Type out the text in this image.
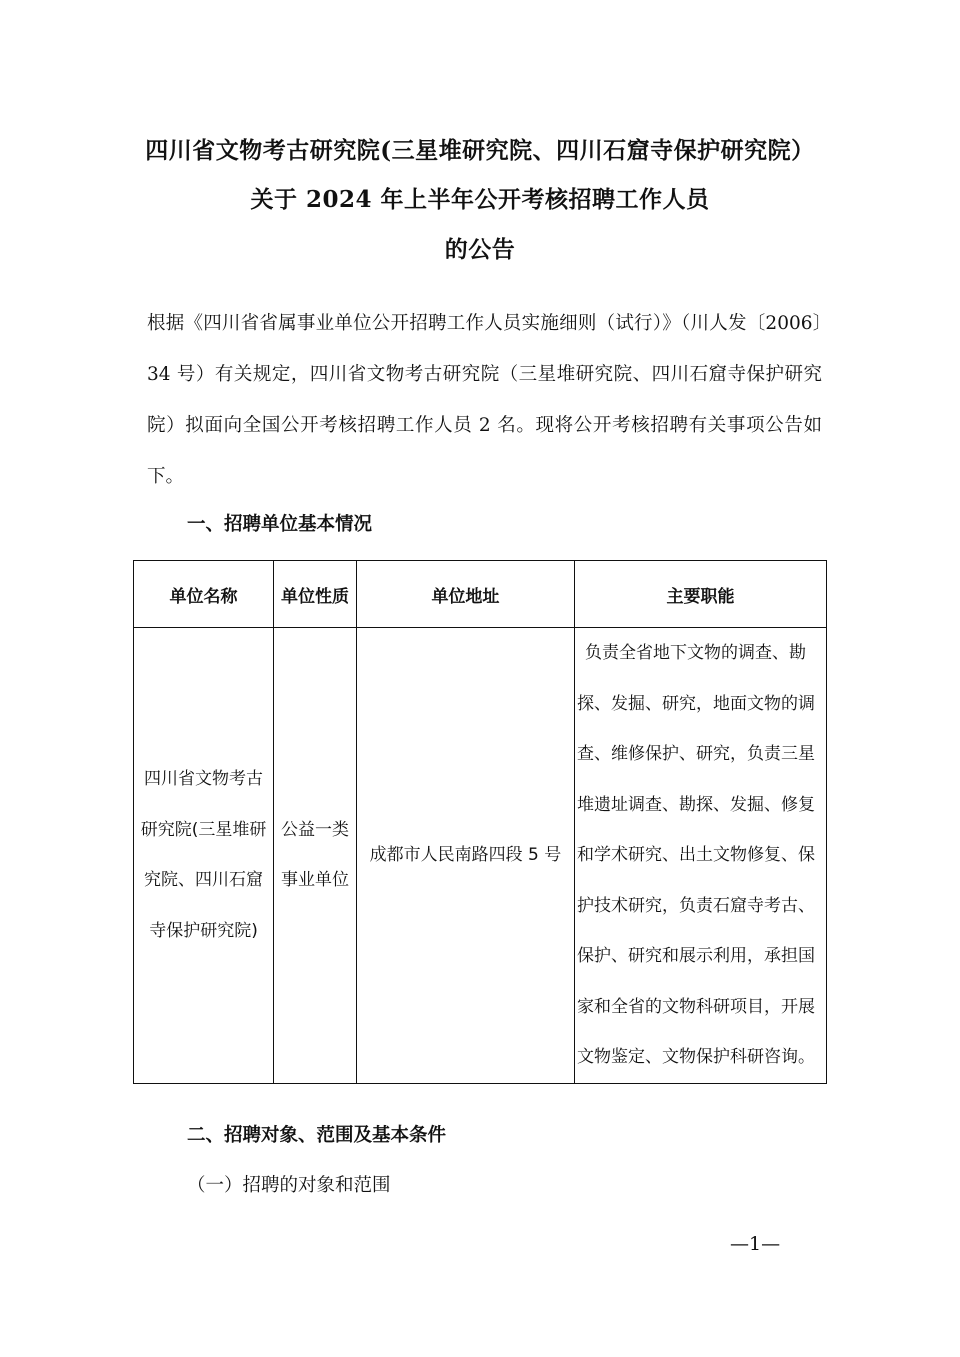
四川省文物考古研究院(三星堆研究院、四川石窟寺保护研究院）
关于 2024 年上半年公开考核招聘工作人员
的公告

根据《四川省省属事业单位公开招聘工作人员实施细则（试行）》（川人发〔2006〕34 号）有关规定，四川省文物考古研究院（三星堆研究院、四川石窟寺保护研究院）拟面向全国公开考核招聘工作人员 2 名。现将公开考核招聘有关事项公告如下。

一、招聘单位基本情况
单位名称	单位性质	单位地址	主要职能
四川省文物考古研究院(三星堆研究院、四川石窟寺保护研究院)	公益一类事业单位	成都市人民南路四段 5 号	负责全省地下文物的调查、勘探、发掘、研究，地面文物的调查、维修保护、研究，负责三星堆遗址调查、勘探、发掘、修复和学术研究、出土文物修复、保护技术研究，负责石窟寺考古、保护、研究和展示利用，承担国家和全省的文物科研项目，开展文物鉴定、文物保护科研咨询。
二、招聘对象、范围及基本条件
（一）招聘的对象和范围
—1—
